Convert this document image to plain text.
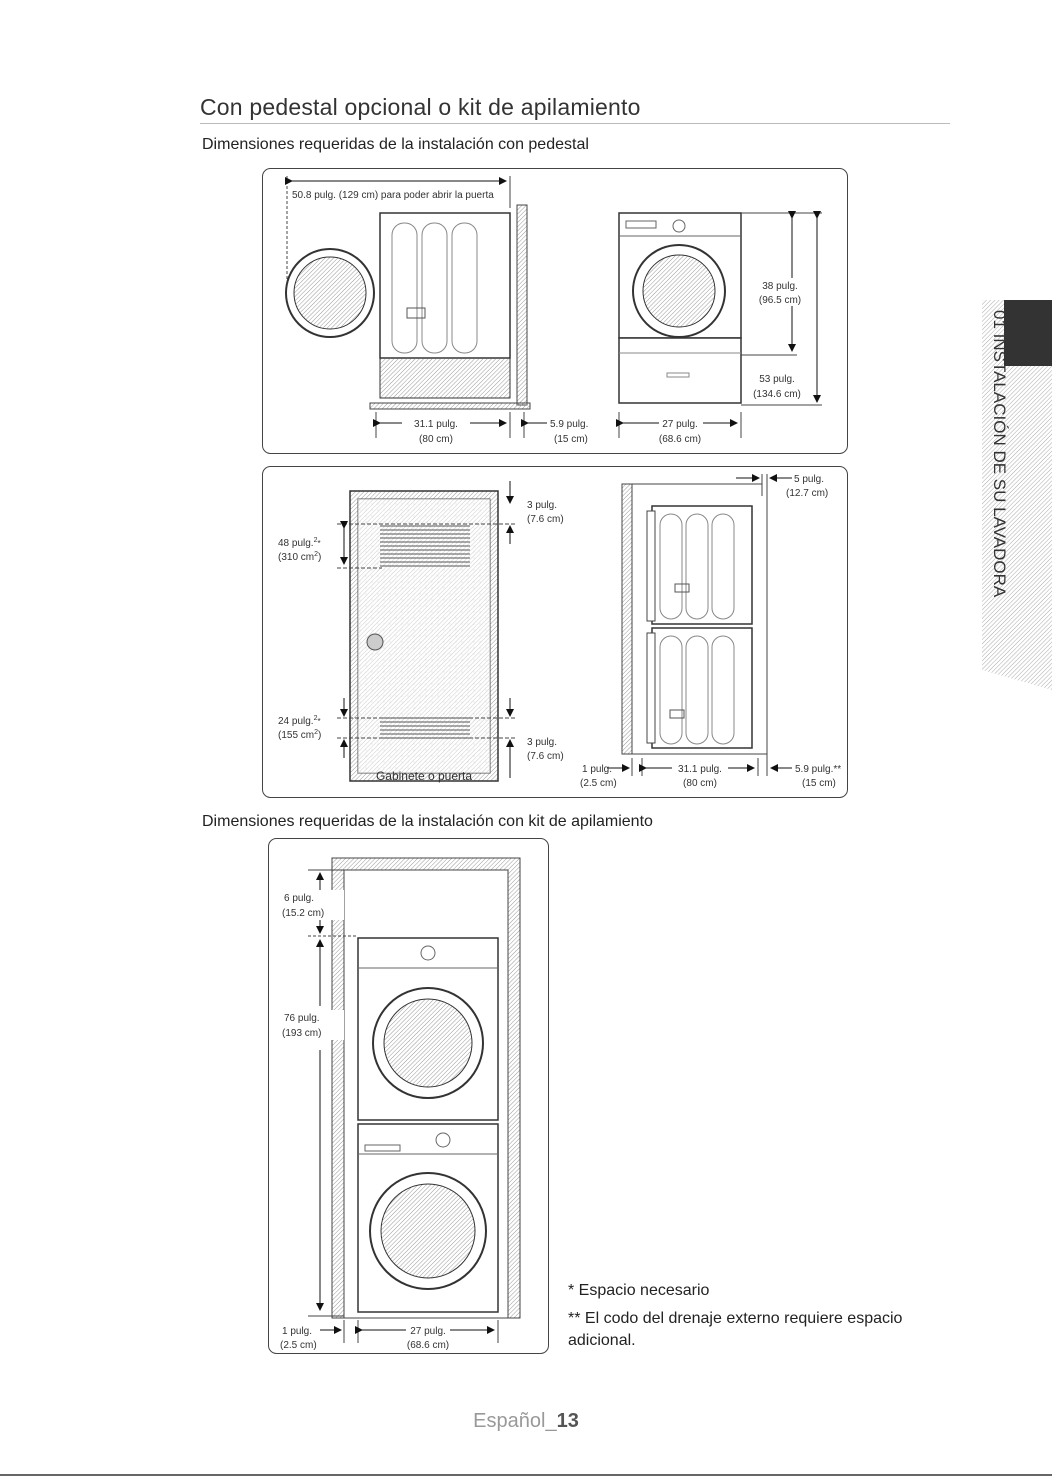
Con pedestal opcional o kit de apilamiento
Dimensiones requeridas de la instalación con pedestal
50.8 pulg. (129 cm) para poder abrir la puerta
31.1 pulg.
(80 cm)
5.9 pulg.
(15 cm)
27 pulg.
(68.6 cm)
38 pulg.
(96.5 cm)
53 pulg.
(134.6 cm)
3 pulg.
(7.6 cm)
48 pulg.$^2_*$
(310 $cm^2$)
24 pulg.$^2_*$
(155 $cm^2$)
3 pulg.
(7.6 cm)
Gabinete o puerta
5 pulg.
(12.7 cm)
1 pulg.
(2.5 cm)
31.1 pulg.
(80 cm)
5.9 pulg.**
(15 cm)
Dimensiones requeridas de la instalación con kit de apilamiento
6 pulg.
(15.2 cm)
76 pulg.
(193 cm)
1 pulg.
(2.5 cm)
27 pulg.
(68.6 cm)
01 INSTALACIÓN DE SU LAVADORA
* Espacio necesario
** El codo del drenaje externo requiere espacio adicional.
Español_13
